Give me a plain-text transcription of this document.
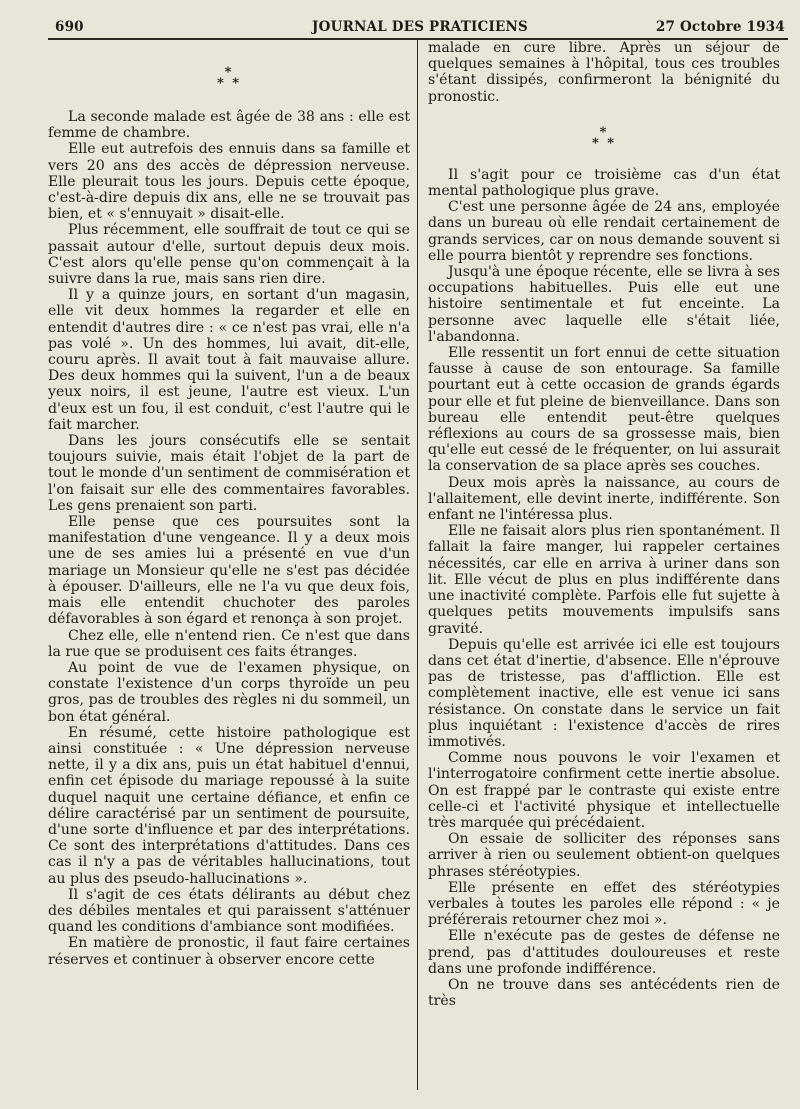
690	JOURNAL DES PRATICIENS	27 Octobre 1934
*
* *

La seconde malade est âgée de 38 ans : elle est femme de chambre.

Elle eut autrefois des ennuis dans sa famille et vers 20 ans des accès de dépression nerveuse. Elle pleurait tous les jours. Depuis cette époque, c'est-à-dire depuis dix ans, elle ne se trouvait pas bien, et « s'ennuyait » disait-elle.

Plus récemment, elle souffrait de tout ce qui se passait autour d'elle, surtout depuis deux mois. C'est alors qu'elle pense qu'on commençait à la suivre dans la rue, mais sans rien dire.

Il y a quinze jours, en sortant d'un magasin, elle vit deux hommes la regarder et elle en entendit d'autres dire : « ce n'est pas vrai, elle n'a pas volé ». Un des hommes, lui avait, dit-elle, couru après. Il avait tout à fait mauvaise allure. Des deux hommes qui la suivent, l'un a de beaux yeux noirs, il est jeune, l'autre est vieux. L'un d'eux est un fou, il est conduit, c'est l'autre qui le fait marcher.

Dans les jours consécutifs elle se sentait toujours suivie, mais était l'objet de la part de tout le monde d'un sentiment de commisération et l'on faisait sur elle des commentaires favorables. Les gens prenaient son parti.

Elle pense que ces poursuites sont la manifestation d'une vengeance. Il y a deux mois une de ses amies lui a présenté en vue d'un mariage un Monsieur qu'elle ne s'est pas décidée à épouser. D'ailleurs, elle ne l'a vu que deux fois, mais elle entendit chuchoter des paroles défavorables à son égard et renonça à son projet.

Chez elle, elle n'entend rien. Ce n'est que dans la rue que se produisent ces faits étranges.

Au point de vue de l'examen physique, on constate l'existence d'un corps thyroïde un peu gros, pas de troubles des règles ni du sommeil, un bon état général.

En résumé, cette histoire pathologique est ainsi constituée : « Une dépression nerveuse nette, il y a dix ans, puis un état habituel d'ennui, enfin cet épisode du mariage repoussé à la suite duquel naquit une certaine défiance, et enfin ce délire caractérisé par un sentiment de poursuite, d'une sorte d'influence et par des interprétations. Ce sont des interprétations d'attitudes. Dans ces cas il n'y a pas de véritables hallucinations, tout au plus des pseudo-hallucinations ».

Il s'agit de ces états délirants au début chez des débiles mentales et qui paraissent s'atténuer quand les conditions d'ambiance sont modifiées.

En matière de pronostic, il faut faire certaines réserves et continuer à observer encore cette

malade en cure libre. Après un séjour de quelques semaines à l'hôpital, tous ces troubles s'étant dissipés, confirmeront la bénignité du pronostic.

*
* *

Il s'agit pour ce troisième cas d'un état mental pathologique plus grave.

C'est une personne âgée de 24 ans, employée dans un bureau où elle rendait certainement de grands services, car on nous demande souvent si elle pourra bientôt y reprendre ses fonctions.

Jusqu'à une époque récente, elle se livra à ses occupations habituelles. Puis elle eut une histoire sentimentale et fut enceinte. La personne avec laquelle elle s'était liée, l'abandonna.

Elle ressentit un fort ennui de cette situation fausse à cause de son entourage. Sa famille pourtant eut à cette occasion de grands égards pour elle et fut pleine de bienveillance. Dans son bureau elle entendit peut-être quelques réflexions au cours de sa grossesse mais, bien qu'elle eut cessé de le fréquenter, on lui assurait la conservation de sa place après ses couches.

Deux mois après la naissance, au cours de l'allaitement, elle devint inerte, indifférente. Son enfant ne l'intéressa plus.

Elle ne faisait alors plus rien spontanément. Il fallait la faire manger, lui rappeler certaines nécessités, car elle en arriva à uriner dans son lit. Elle vécut de plus en plus indifférente dans une inactivité complète. Parfois elle fut sujette à quelques petits mouvements impulsifs sans gravité.

Depuis qu'elle est arrivée ici elle est toujours dans cet état d'inertie, d'absence. Elle n'éprouve pas de tristesse, pas d'affliction. Elle est complètement inactive, elle est venue ici sans résistance. On constate dans le service un fait plus inquiétant : l'existence d'accès de rires immotivés.

Comme nous pouvons le voir l'examen et l'interrogatoire confirment cette inertie absolue. On est frappé par le contraste qui existe entre celle-ci et l'activité physique et intellectuelle très marquée qui précédaient.

On essaie de solliciter des réponses sans arriver à rien ou seulement obtient-on quelques phrases stéréotypies.

Elle présente en effet des stéréotypies verbales à toutes les paroles elle répond : « je préférerais retourner chez moi ».

Elle n'exécute pas de gestes de défense ne prend, pas d'attitudes douloureuses et reste dans une profonde indifférence.

On ne trouve dans ses antécédents rien de très
